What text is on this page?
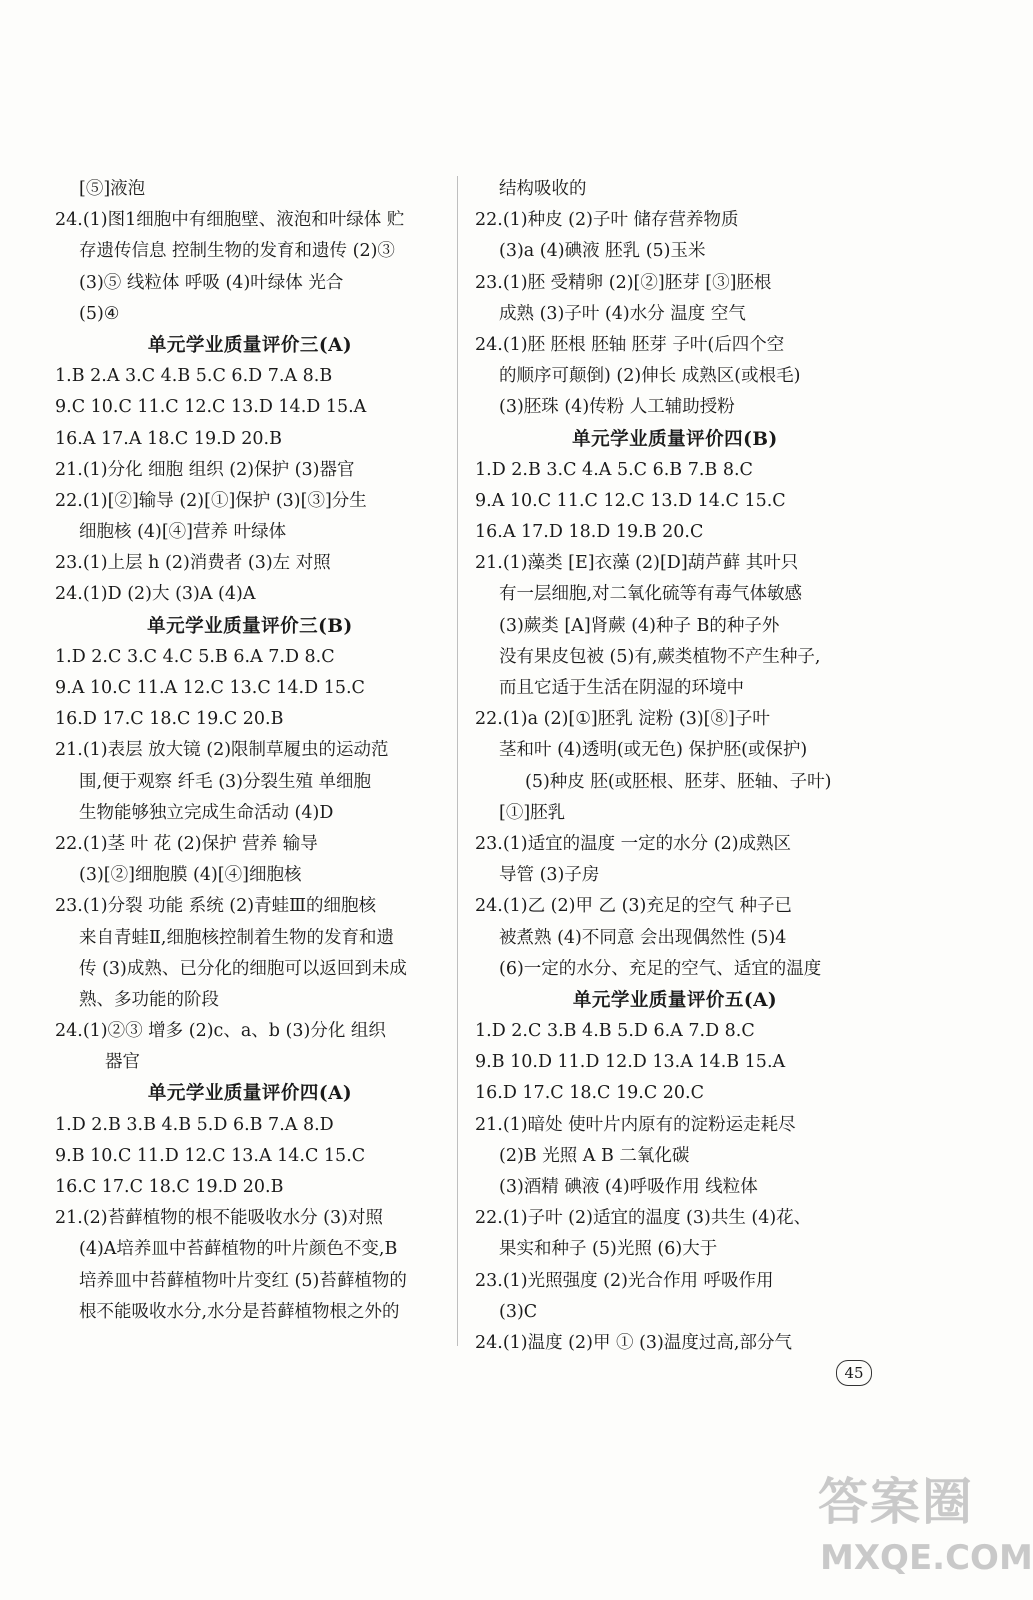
[⑤]液泡
24.(1)图1细胞中有细胞壁、液泡和叶绿体 贮
存遗传信息 控制生物的发育和遗传 (2)③
(3)⑤ 线粒体 呼吸 (4)叶绿体 光合
(5)④
单元学业质量评价三(A)
1.B 2.A 3.C 4.B 5.C 6.D 7.A 8.B
9.C 10.C 11.C 12.C 13.D 14.D 15.A
16.A 17.A 18.C 19.D 20.B
21.(1)分化 细胞 组织 (2)保护 (3)器官
22.(1)[②]输导 (2)[①]保护 (3)[③]分生
细胞核 (4)[④]营养 叶绿体
23.(1)上层 h (2)消费者 (3)左 对照
24.(1)D (2)大 (3)A (4)A
单元学业质量评价三(B)
1.D 2.C 3.C 4.C 5.B 6.A 7.D 8.C
9.A 10.C 11.A 12.C 13.C 14.D 15.C
16.D 17.C 18.C 19.C 20.B
21.(1)表层 放大镜 (2)限制草履虫的运动范
围,便于观察 纤毛 (3)分裂生殖 单细胞
生物能够独立完成生命活动 (4)D
22.(1)茎 叶 花 (2)保护 营养 输导
(3)[②]细胞膜 (4)[④]细胞核
23.(1)分裂 功能 系统 (2)青蛙Ⅲ的细胞核
来自青蛙Ⅱ,细胞核控制着生物的发育和遗
传 (3)成熟、已分化的细胞可以返回到未成
熟、多功能的阶段
24.(1)②③ 增多 (2)c、a、b (3)分化 组织
器官
单元学业质量评价四(A)
1.D 2.B 3.B 4.B 5.D 6.B 7.A 8.D
9.B 10.C 11.D 12.C 13.A 14.C 15.C
16.C 17.C 18.C 19.D 20.B
21.(2)苔藓植物的根不能吸收水分 (3)对照
(4)A培养皿中苔藓植物的叶片颜色不变,B
培养皿中苔藓植物叶片变红 (5)苔藓植物的
根不能吸收水分,水分是苔藓植物根之外的
结构吸收的
22.(1)种皮 (2)子叶 储存营养物质
(3)a (4)碘液 胚乳 (5)玉米
23.(1)胚 受精卵 (2)[②]胚芽 [③]胚根
成熟 (3)子叶 (4)水分 温度 空气
24.(1)胚 胚根 胚轴 胚芽 子叶(后四个空
的顺序可颠倒) (2)伸长 成熟区(或根毛)
(3)胚珠 (4)传粉 人工辅助授粉
单元学业质量评价四(B)
1.D 2.B 3.C 4.A 5.C 6.B 7.B 8.C
9.A 10.C 11.C 12.C 13.D 14.C 15.C
16.A 17.D 18.D 19.B 20.C
21.(1)藻类 [E]衣藻 (2)[D]葫芦藓 其叶只
有一层细胞,对二氧化硫等有毒气体敏感
(3)蕨类 [A]肾蕨 (4)种子 B的种子外
没有果皮包被 (5)有,蕨类植物不产生种子,
而且它适于生活在阴湿的环境中
22.(1)a (2)[①]胚乳 淀粉 (3)[⑧]子叶
茎和叶 (4)透明(或无色) 保护胚(或保护)
(5)种皮 胚(或胚根、胚芽、胚轴、子叶)
[①]胚乳
23.(1)适宜的温度 一定的水分 (2)成熟区
导管 (3)子房
24.(1)乙 (2)甲 乙 (3)充足的空气 种子已
被煮熟 (4)不同意 会出现偶然性 (5)4
(6)一定的水分、充足的空气、适宜的温度
单元学业质量评价五(A)
1.D 2.C 3.B 4.B 5.D 6.A 7.D 8.C
9.B 10.D 11.D 12.D 13.A 14.B 15.A
16.D 17.C 18.C 19.C 20.C
21.(1)暗处 使叶片内原有的淀粉运走耗尽
(2)B 光照 A B 二氧化碳
(3)酒精 碘液 (4)呼吸作用 线粒体
22.(1)子叶 (2)适宜的温度 (3)共生 (4)花、
果实和种子 (5)光照 (6)大于
23.(1)光照强度 (2)光合作用 呼吸作用
(3)C
24.(1)温度 (2)甲 ① (3)温度过高,部分气
45
答案圈
MXQE.COM
